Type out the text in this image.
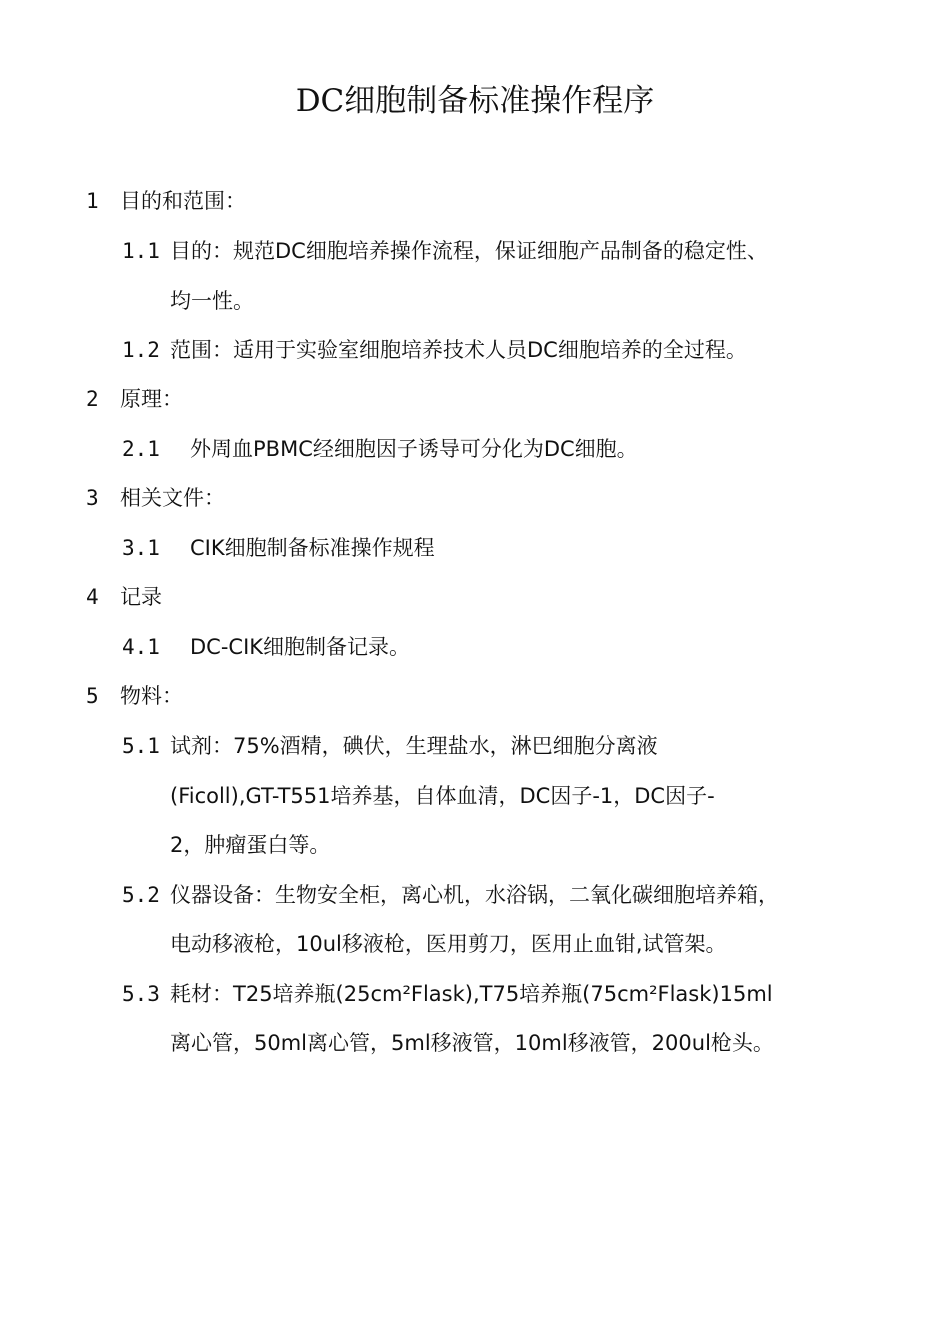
DC细胞制备标准操作程序
1 目的和范围：
1.1 目的：规范DC细胞培养操作流程，保证细胞产品制备的稳定性、
均一性。
1.2 范围：适用于实验室细胞培养技术人员DC细胞培养的全过程。
2 原理：
2.1 外周血PBMC经细胞因子诱导可分化为DC细胞。
3 相关文件：
3.1 CIK细胞制备标准操作规程
4 记录
4.1 DC-CIK细胞制备记录。
5 物料：
5.1 试剂：75%酒精，碘伏，生理盐水，淋巴细胞分离液
(Ficoll),GT-T551培养基，自体血清，DC因子-1，DC因子-
2，肿瘤蛋白等。
5.2 仪器设备：生物安全柜，离心机，水浴锅，二氧化碳细胞培养箱，
电动移液枪，10ul移液枪，医用剪刀，医用止血钳,试管架。
5.3 耗材：T25培养瓶(25cm²Flask),T75培养瓶(75cm²Flask)15ml
离心管，50ml离心管，5ml移液管，10ml移液管，200ul枪头。
